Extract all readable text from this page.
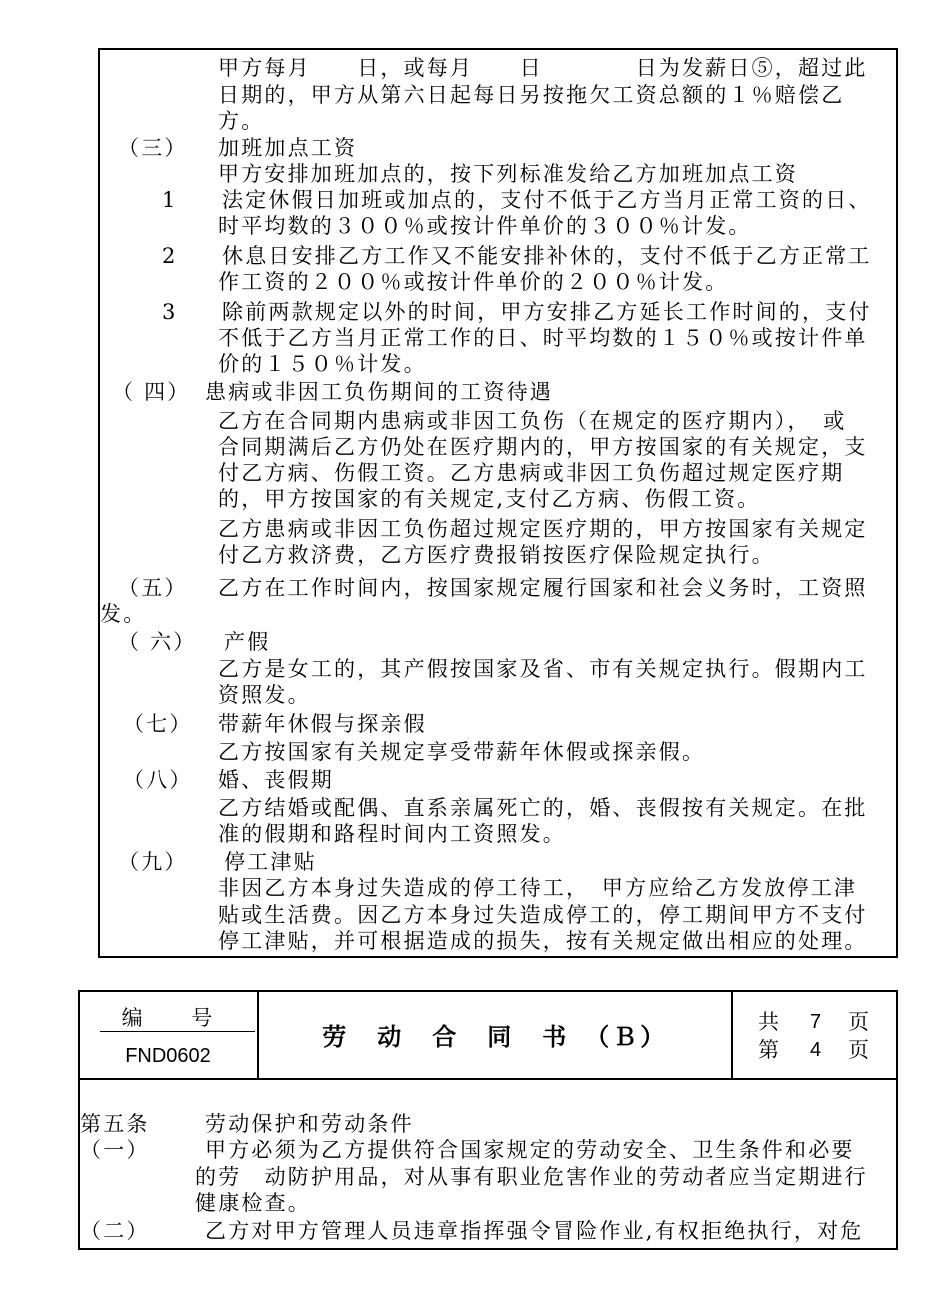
甲方每月　　日，或每月　　日　　　　日为发薪日⑤，超过此
日期的，甲方从第六日起每日另按拖欠工资总额的１％赔偿乙
方。
（三） 加班加点工资
甲方安排加班加点的，按下列标准发给乙方加班加点工资
1 法定休假日加班或加点的，支付不低于乙方当月正常工资的日、
时平均数的３００％或按计件单价的３００％计发。
2 休息日安排乙方工作又不能安排补休的，支付不低于乙方正常工
作工资的２００％或按计件单价的２００％计发。
3 除前两款规定以外的时间，甲方安排乙方延长工作时间的，支付
不低于乙方当月正常工作的日、时平均数的１５０％或按计件单
价的１５０％计发。
（ 四） 患病或非因工负伤期间的工资待遇
乙方在合同期内患病或非因工负伤（在规定的医疗期内），　或
合同期满后乙方仍处在医疗期内的，甲方按国家的有关规定，支
付乙方病、伤假工资。乙方患病或非因工负伤超过规定医疗期
的，甲方按国家的有关规定,支付乙方病、伤假工资。
乙方患病或非因工负伤超过规定医疗期的，甲方按国家有关规定
付乙方救济费，乙方医疗费报销按医疗保险规定执行。
（五） 乙方在工作时间内，按国家规定履行国家和社会义务时，工资照
发。
（ 六） 产假
乙方是女工的，其产假按国家及省、市有关规定执行。假期内工
资照发。
（七） 带薪年休假与探亲假
乙方按国家有关规定享受带薪年休假或探亲假。
（八） 婚、丧假期
乙方结婚或配偶、直系亲属死亡的，婚、丧假按有关规定。在批
准的假期和路程时间内工资照发。
（九） 停工津贴
非因乙方本身过失造成的停工待工，　甲方应给乙方发放停工津
贴或生活费。因乙方本身过失造成停工的，停工期间甲方不支付
停工津贴，并可根据造成的损失，按有关规定做出相应的处理。
编　　号
FND0602
劳　动　合　同　书　（Ｂ）	共 7 页
第 4 页
第五条	劳动保护和劳动条件
（一）	甲方必须为乙方提供符合国家规定的劳动安全、卫生条件和必要
的劳　动防护用品，对从事有职业危害作业的劳动者应当定期进行
健康检查。
（二）	乙方对甲方管理人员违章指挥强令冒险作业,有权拒绝执行，对危
